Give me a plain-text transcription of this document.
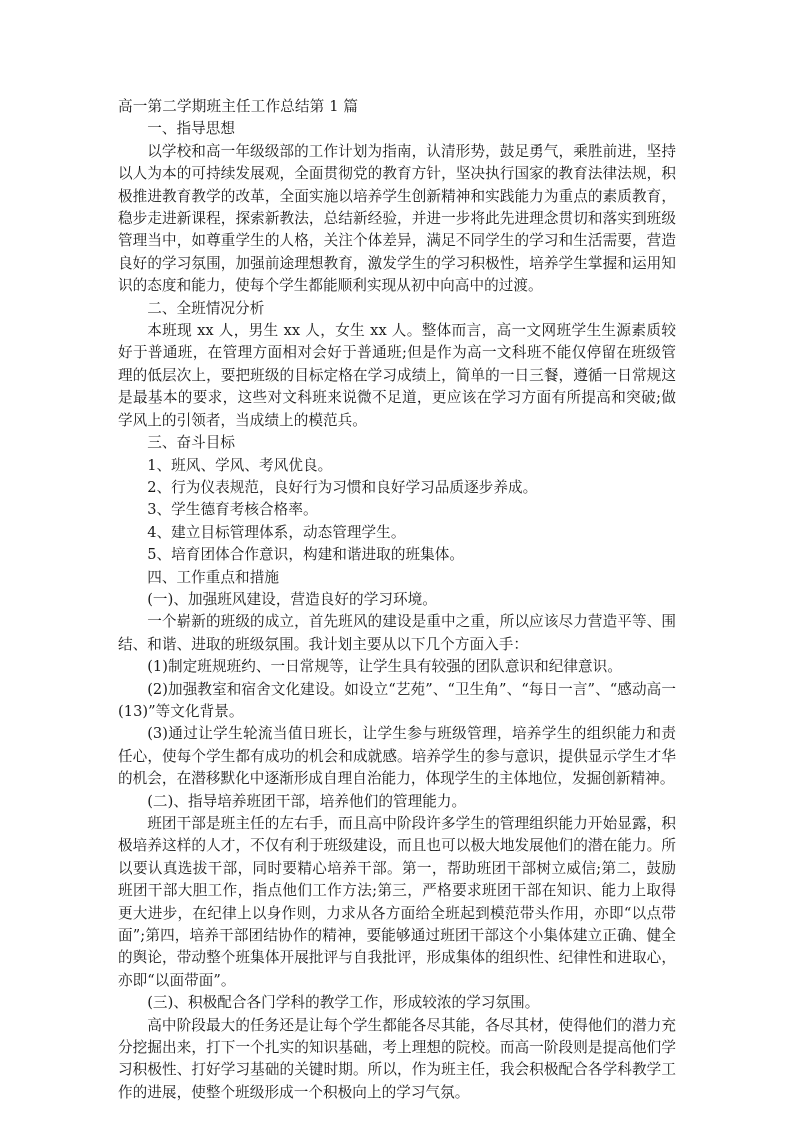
高一第二学期班主任工作总结第 1 篇

一、指导思想

以学校和高一年级级部的工作计划为指南，认清形势，鼓足勇气，乘胜前进，坚持以人为本的可持续发展观，全面贯彻党的教育方针，坚决执行国家的教育法律法规，积极推进教育教学的改革，全面实施以培养学生创新精神和实践能力为重点的素质教育，稳步走进新课程，探索新教法，总结新经验，并进一步将此先进理念贯切和落实到班级管理当中，如尊重学生的人格，关注个体差异，满足不同学生的学习和生活需要，营造良好的学习氛围，加强前途理想教育，激发学生的学习积极性，培养学生掌握和运用知识的态度和能力，使每个学生都能顺利实现从初中向高中的过渡。

二、全班情况分析

本班现 xx 人，男生 xx 人，女生 xx 人。整体而言，高一文网班学生生源素质较好于普通班，在管理方面相对会好于普通班;但是作为高一文科班不能仅停留在班级管理的低层次上，要把班级的目标定格在学习成绩上，简单的一日三餐，遵循一日常规这是最基本的要求，这些对文科班来说微不足道，更应该在学习方面有所提高和突破;做学风上的引领者，当成绩上的模范兵。

三、奋斗目标

1、班风、学风、考风优良。

2、行为仪表规范，良好行为习惯和良好学习品质逐步养成。

3、学生德育考核合格率。

4、建立目标管理体系，动态管理学生。

5、培育团体合作意识，构建和谐进取的班集体。

四、工作重点和措施

(一)、加强班风建设，营造良好的学习环境。

一个崭新的班级的成立，首先班风的建设是重中之重，所以应该尽力营造平等、围结、和谐、进取的班级氛围。我计划主要从以下几个方面入手：

(1)制定班规班约、一日常规等，让学生具有较强的团队意识和纪律意识。

(2)加强教室和宿舍文化建设。如设立“艺苑”、“卫生角”、“每日一言”、“感动高一(13)”等文化背景。

(3)通过让学生轮流当值日班长，让学生参与班级管理，培养学生的组织能力和责任心，使每个学生都有成功的机会和成就感。培养学生的参与意识，提供显示学生才华的机会，在潜移默化中逐渐形成自理自治能力，体现学生的主体地位，发掘创新精神。

(二)、指导培养班团干部，培养他们的管理能力。

班团干部是班主任的左右手，而且高中阶段许多学生的管理组织能力开始显露，积极培养这样的人才，不仅有利于班级建设，而且也可以极大地发展他们的潜在能力。所以要认真选拔干部，同时要精心培养干部。第一，帮助班团干部树立威信;第二，鼓励班团干部大胆工作，指点他们工作方法;第三，严格要求班团干部在知识、能力上取得更大进步，在纪律上以身作则，力求从各方面给全班起到模范带头作用，亦即“以点带面”;第四，培养干部团结协作的精神，要能够通过班团干部这个小集体建立正确、健全的舆论，带动整个班集体开展批评与自我批评，形成集体的组织性、纪律性和进取心，亦即“以面带面”。

(三)、积极配合各门学科的教学工作，形成较浓的学习氛围。

高中阶段最大的任务还是让每个学生都能各尽其能，各尽其材，使得他们的潜力充分挖掘出来，打下一个扎实的知识基础，考上理想的院校。而高一阶段则是提高他们学习积极性、打好学习基础的关键时期。所以，作为班主任，我会积极配合各学科教学工作的进展，使整个班级形成一个积极向上的学习气氛。
